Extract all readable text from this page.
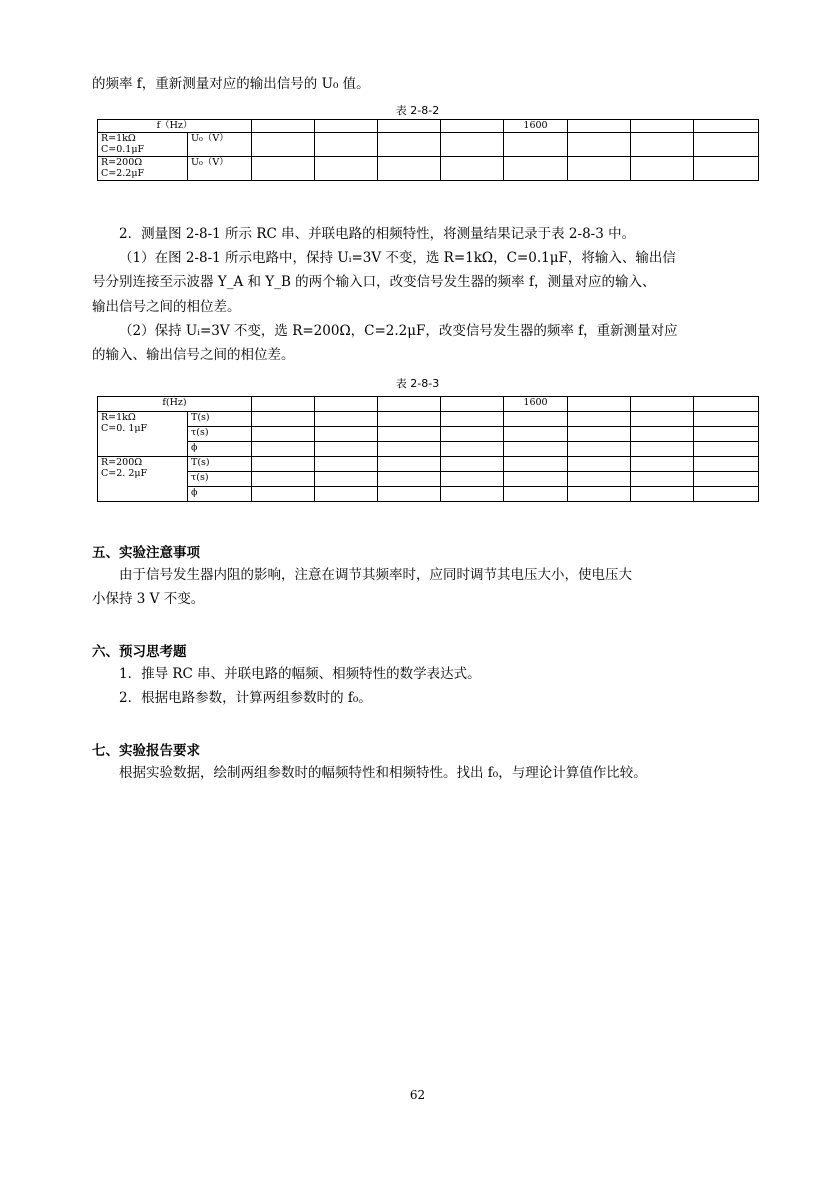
的频率 f，重新测量对应的输出信号的 U₀ 值。
表 2-8-2
f（Hz）						1600			

R=1kΩ
C=0.1μF	U₀（V）								

R=200Ω
C=2.2μF	U₀（V）								
2．测量图 2-8-1 所示 RC 串、并联电路的相频特性，将测量结果记录于表 2-8-3 中。
（1）在图 2-8-1 所示电路中，保持 Uᵢ=3V 不变，选 R=1kΩ，C=0.1μF，将输入、输出信
号分别连接至示波器 Y_A 和 Y_B 的两个输入口，改变信号发生器的频率 f，测量对应的输入、
输出信号之间的相位差。
（2）保持 Uᵢ=3V 不变，选 R=200Ω，C=2.2μF，改变信号发生器的频率 f，重新测量对应
的输入、输出信号之间的相位差。
表 2-8-3
f(Hz)						1600			

R=1kΩ
C=0. 1μF	T(s)								
	τ(s)								
	ϕ								

R=200Ω
C=2. 2μF	T(s)								
	τ(s)								
	ϕ								
五、实验注意事项
由于信号发生器内阻的影响，注意在调节其频率时，应同时调节其电压大小，使电压大
小保持 3 V 不变。
六、预习思考题
1．推导 RC 串、并联电路的幅频、相频特性的数学表达式。
2．根据电路参数，计算两组参数时的 f₀。
七、实验报告要求
根据实验数据，绘制两组参数时的幅频特性和相频特性。找出 f₀，与理论计算值作比较。
62
